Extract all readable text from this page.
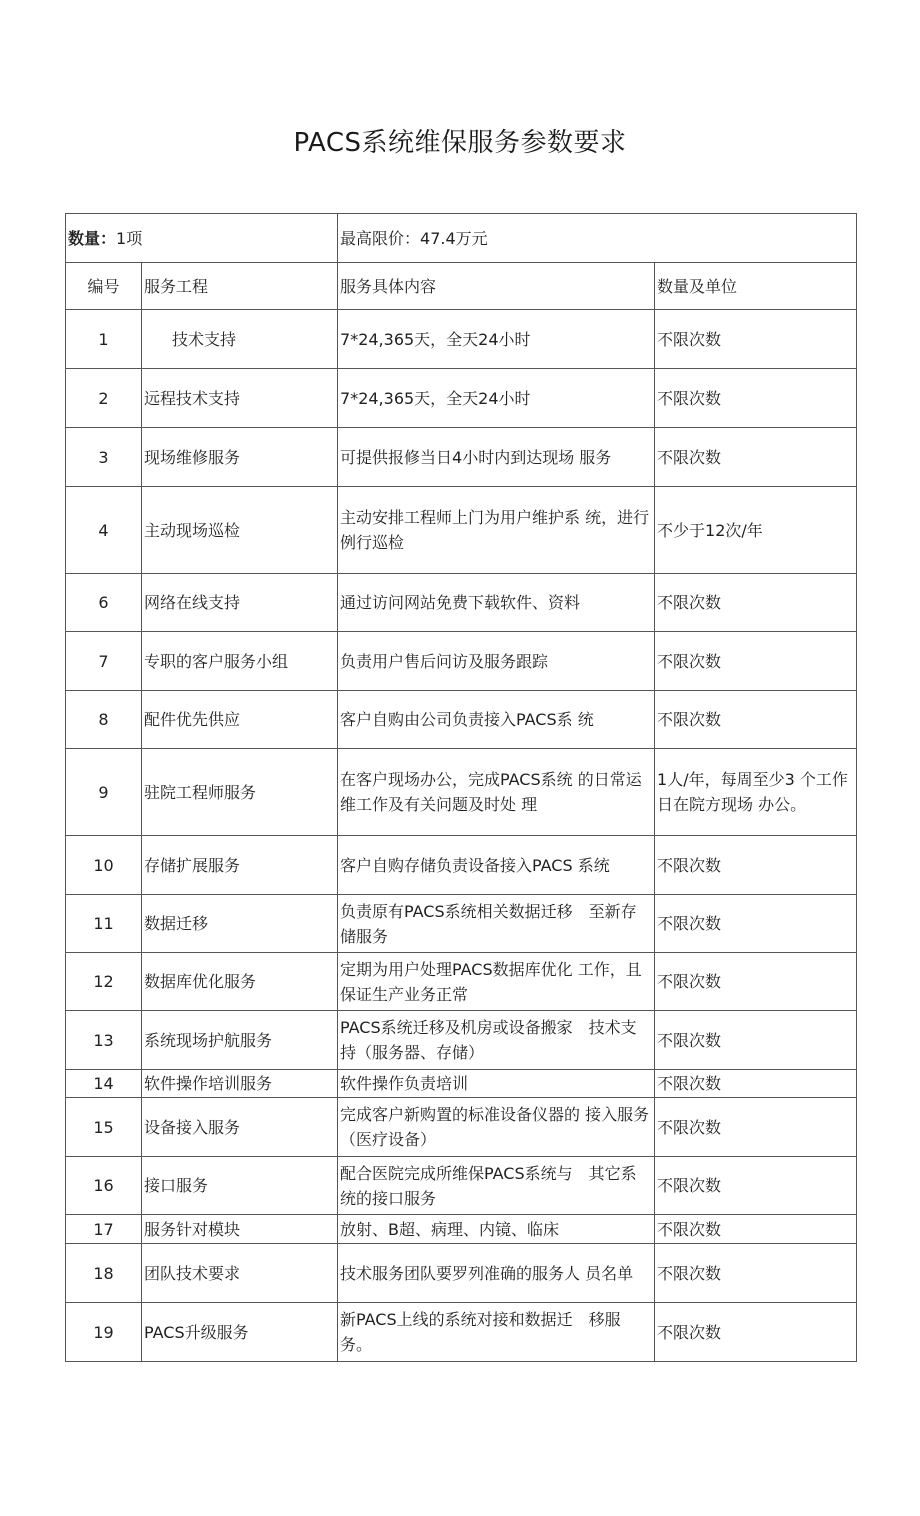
PACS系统维保服务参数要求
数量：1项		最高限价：47.4万元	
编号	服务工程	服务具体内容	数量及单位
1	技术支持	7*24,365天，全天24小时	不限次数
2	远程技术支持	7*24,365天，全天24小时	不限次数
3	现场维修服务	可提供报修当日4小时内到达现场 服务	不限次数
4	主动现场巡检	主动安排工程师上门为用户维护系 统，进行例行巡检	不少于12次/年
6	网络在线支持	通过访问网站免费下载软件、资料	不限次数
7	专职的客户服务小组	负责用户售后问访及服务跟踪	不限次数
8	配件优先供应	客户自购由公司负责接入PACS系 统	不限次数
9	驻院工程师服务	在客户现场办公，完成PACS系统 的日常运维工作及有关问题及时处 理	1人/年，每周至少3 个工作日在院方现场 办公。
10	存储扩展服务	客户自购存储负责设备接入PACS 系统	不限次数
11	数据迁移	负责原有PACS系统相关数据迁移　至新存储服务	不限次数
12	数据库优化服务	定期为用户处理PACS数据库优化 工作，且保证生产业务正常	不限次数
13	系统现场护航服务	PACS系统迁移及机房或设备搬家　技术支持（服务器、存储）	不限次数
14	软件操作培训服务	软件操作负责培训	不限次数
15	设备接入服务	完成客户新购置的标准设备仪器的 接入服务（医疗设备）	不限次数
16	接口服务	配合医院完成所维保PACS系统与　其它系统的接口服务	不限次数
17	服务针对模块	放射、B超、病理、内镜、临床	不限次数
18	团队技术要求	技术服务团队要罗列准确的服务人 员名单	不限次数
19	PACS升级服务	新PACS上线的系统对接和数据迁　移服务。	不限次数
